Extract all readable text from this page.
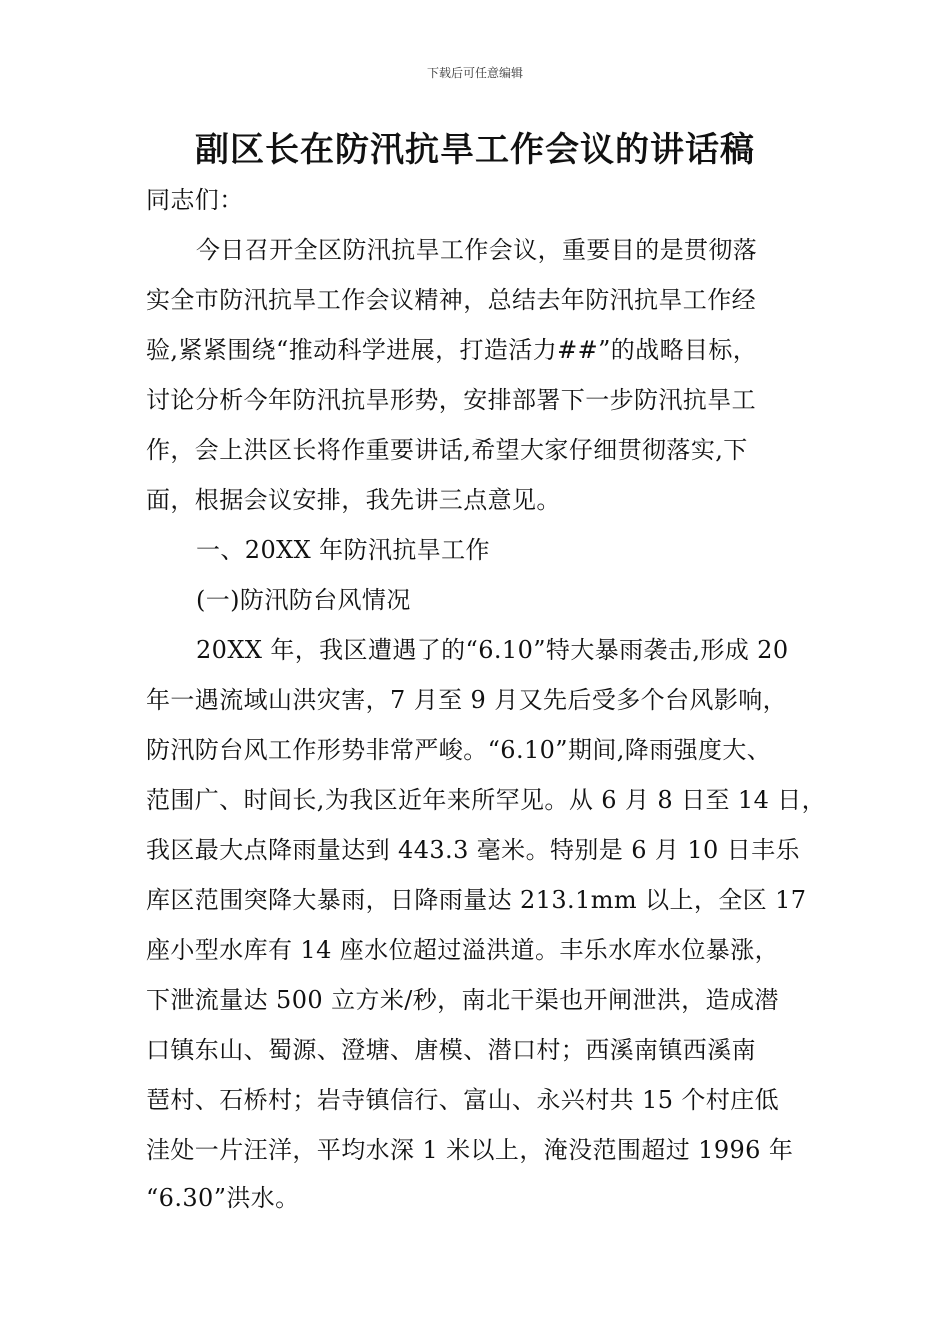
下载后可任意编辑
副区长在防汛抗旱工作会议的讲话稿
同志们：
今日召开全区防汛抗旱工作会议，重要目的是贯彻落
实全市防汛抗旱工作会议精神，总结去年防汛抗旱工作经
验,紧紧围绕“推动科学进展，打造活力##”的战略目标，
讨论分析今年防汛抗旱形势，安排部署下一步防汛抗旱工
作，会上洪区长将作重要讲话,希望大家仔细贯彻落实,下
面，根据会议安排，我先讲三点意见。
一、20XX 年防汛抗旱工作
(一)防汛防台风情况
20XX 年，我区遭遇了的“6.10”特大暴雨袭击,形成 20
年一遇流域山洪灾害，7 月至 9 月又先后受多个台风影响，
防汛防台风工作形势非常严峻。“6.10”期间,降雨强度大、
范围广、时间长,为我区近年来所罕见。从 6 月 8 日至 14 日，
我区最大点降雨量达到 443.3 毫米。特别是 6 月 10 日丰乐
库区范围突降大暴雨，日降雨量达 213.1mm 以上，全区 17
座小型水库有 14 座水位超过溢洪道。丰乐水库水位暴涨，
下泄流量达 500 立方米/秒，南北干渠也开闸泄洪，造成潜
口镇东山、蜀源、澄塘、唐模、潜口村；西溪南镇西溪南
琶村、石桥村；岩寺镇信行、富山、永兴村共 15 个村庄低
洼处一片汪洋，平均水深 1 米以上，淹没范围超过 1996 年
“6.30”洪水。
